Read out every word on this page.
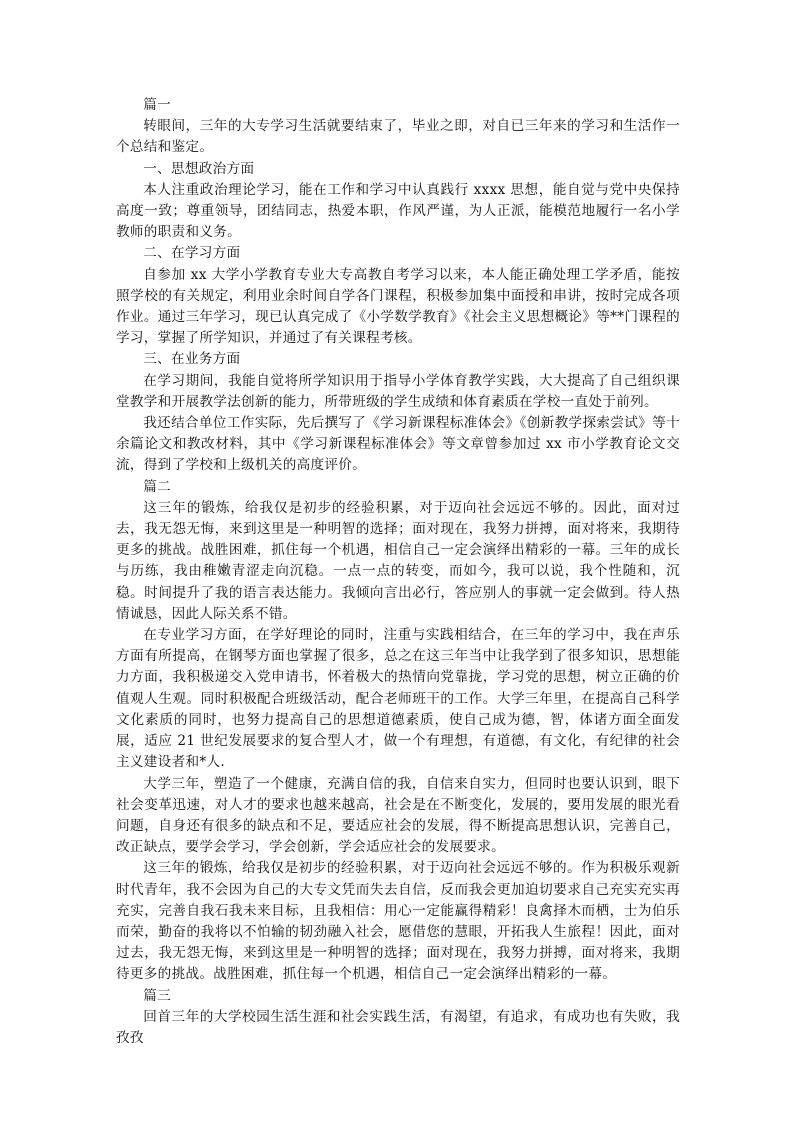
篇一

转眼间，三年的大专学习生活就要结束了，毕业之即，对自已三年来的学习和生活作一个总结和鉴定。

一、思想政治方面

本人注重政治理论学习，能在工作和学习中认真践行 xxxx 思想，能自觉与党中央保持高度一致；尊重领导，团结同志，热爱本职，作风严谨，为人正派，能模范地履行一名小学教师的职责和义务。

二、在学习方面

自参加 xx 大学小学教育专业大专高教自考学习以来，本人能正确处理工学矛盾，能按照学校的有关规定，利用业余时间自学各门课程，积极参加集中面授和串讲，按时完成各项作业。通过三年学习，现已认真完成了《小学数学教育》《社会主义思想概论》等**门课程的学习，掌握了所学知识，并通过了有关课程考核。

三、在业务方面

在学习期间，我能自觉将所学知识用于指导小学体育教学实践，大大提高了自己组织课堂教学和开展教学法创新的能力，所带班级的学生成绩和体育素质在学校一直处于前列。

我还结合单位工作实际，先后撰写了《学习新课程标准体会》《创新教学探索尝试》等十余篇论文和教改材料，其中《学习新课程标准体会》等文章曾参加过 xx 市小学教育论文交流，得到了学校和上级机关的高度评价。

篇二

这三年的锻炼，给我仅是初步的经验积累，对于迈向社会远远不够的。因此，面对过去，我无怨无悔，来到这里是一种明智的选择；面对现在，我努力拼搏，面对将来，我期待更多的挑战。战胜困难，抓住每一个机遇，相信自己一定会演绎出精彩的一幕。三年的成长与历练，我由稚嫩青涩走向沉稳。一点一点的转变，而如今，我可以说，我个性随和，沉稳。时间提升了我的语言表达能力。我倾向言出必行，答应别人的事就一定会做到。待人热情诚恳，因此人际关系不错。

在专业学习方面，在学好理论的同时，注重与实践相结合，在三年的学习中，我在声乐方面有所提高，在钢琴方面也掌握了很多，总之在这三年当中让我学到了很多知识，思想能力方面，我积极递交入党申请书，怀着极大的热情向党靠拢，学习党的思想，树立正确的价值观人生观。同时积极配合班级活动，配合老师班干的工作。大学三年里，在提高自己科学文化素质的同时，也努力提高自己的思想道德素质，使自己成为德，智，体诸方面全面发展，适应 21 世纪发展要求的复合型人才，做一个有理想，有道德，有文化，有纪律的社会主义建设者和*人.

大学三年，塑造了一个健康，充满自信的我，自信来自实力，但同时也要认识到，眼下社会变革迅速，对人才的要求也越来越高，社会是在不断变化，发展的，要用发展的眼光看问题，自身还有很多的缺点和不足，要适应社会的发展，得不断提高思想认识，完善自己，改正缺点，要学会学习，学会创新，学会适应社会的发展要求。

这三年的锻炼，给我仅是初步的经验积累，对于迈向社会远远不够的。作为积极乐观新时代青年，我不会因为自己的大专文凭而失去自信，反而我会更加迫切要求自己充实充实再充实，完善自我石我未来目标，且我相信：用心一定能赢得精彩！良禽择木而栖，士为伯乐而荣，勤奋的我将以不怕输的韧劲融入社会，愿借您的慧眼，开拓我人生旅程！因此，面对过去，我无怨无悔，来到这里是一种明智的选择；面对现在，我努力拼搏，面对将来，我期待更多的挑战。战胜困难，抓住每一个机遇，相信自己一定会演绎出精彩的一幕。

篇三

回首三年的大学校园生活生涯和社会实践生活，有渴望，有追求，有成功也有失败，我孜孜
